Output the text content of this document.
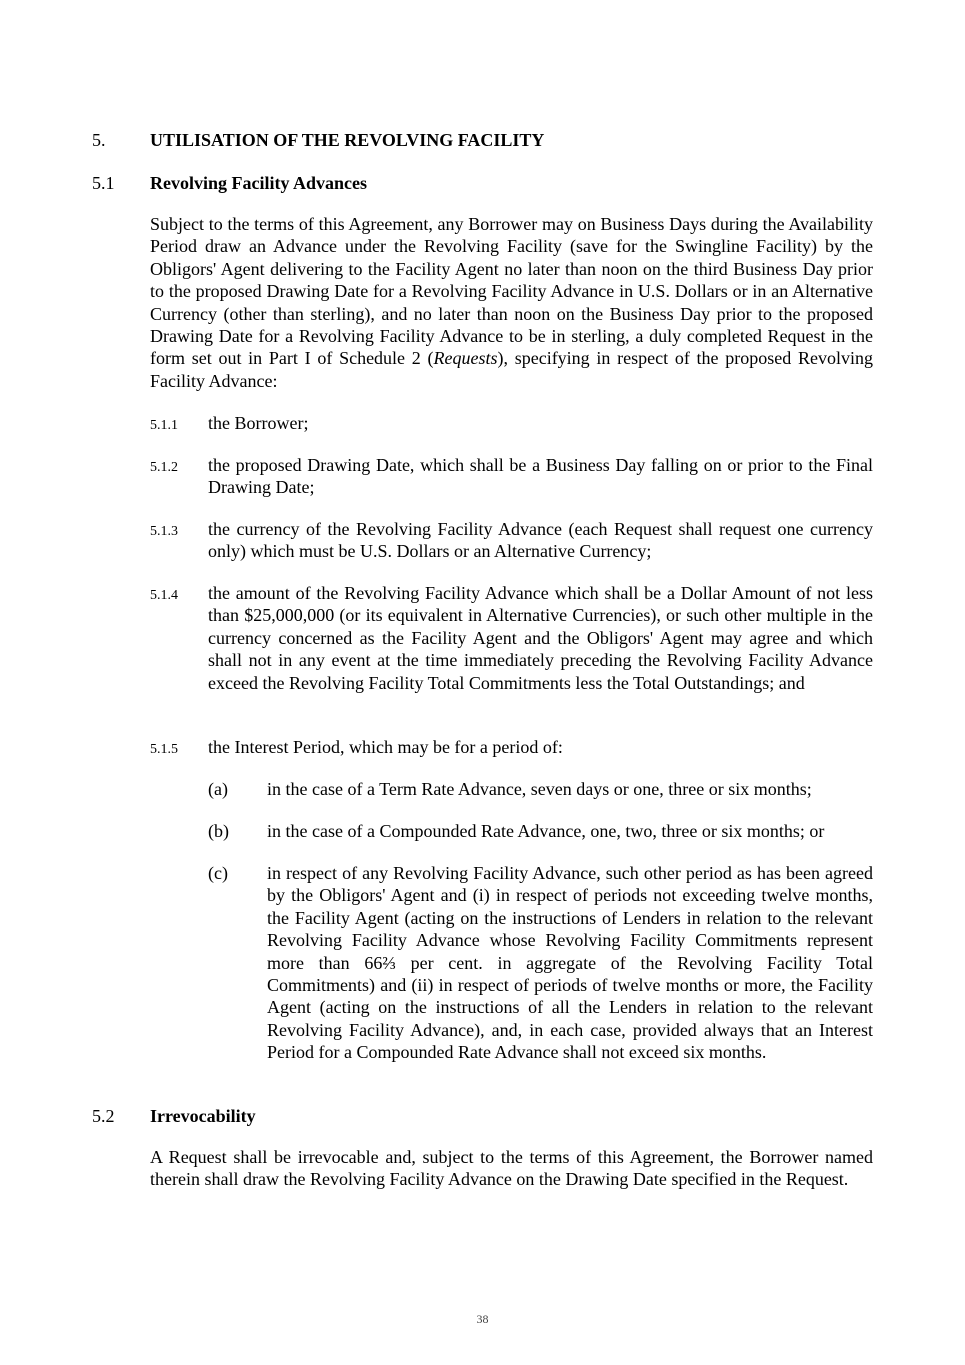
5. UTILISATION OF THE REVOLVING FACILITY
5.1 Revolving Facility Advances
Subject to the terms of this Agreement, any Borrower may on Business Days during the Availability Period draw an Advance under the Revolving Facility (save for the Swingline Facility) by the Obligors' Agent delivering to the Facility Agent no later than noon on the third Business Day prior to the proposed Drawing Date for a Revolving Facility Advance in U.S. Dollars or in an Alternative Currency (other than sterling), and no later than noon on the Business Day prior to the proposed Drawing Date for a Revolving Facility Advance to be in sterling, a duly completed Request in the form set out in Part I of Schedule 2 (Requests), specifying in respect of the proposed Revolving Facility Advance:
5.1.1 the Borrower;
5.1.2 the proposed Drawing Date, which shall be a Business Day falling on or prior to the Final Drawing Date;
5.1.3 the currency of the Revolving Facility Advance (each Request shall request one currency only) which must be U.S. Dollars or an Alternative Currency;
5.1.4 the amount of the Revolving Facility Advance which shall be a Dollar Amount of not less than $25,000,000 (or its equivalent in Alternative Currencies), or such other multiple in the currency concerned as the Facility Agent and the Obligors' Agent may agree and which shall not in any event at the time immediately preceding the Revolving Facility Advance exceed the Revolving Facility Total Commitments less the Total Outstandings; and
5.1.5 the Interest Period, which may be for a period of:
(a) in the case of a Term Rate Advance, seven days or one, three or six months;
(b) in the case of a Compounded Rate Advance, one, two, three or six months; or
(c) in respect of any Revolving Facility Advance, such other period as has been agreed by the Obligors' Agent and (i) in respect of periods not exceeding twelve months, the Facility Agent (acting on the instructions of Lenders in relation to the relevant Revolving Facility Advance whose Revolving Facility Commitments represent more than 66⅔ per cent. in aggregate of the Revolving Facility Total Commitments) and (ii) in respect of periods of twelve months or more, the Facility Agent (acting on the instructions of all the Lenders in relation to the relevant Revolving Facility Advance), and, in each case, provided always that an Interest Period for a Compounded Rate Advance shall not exceed six months.
5.2 Irrevocability
A Request shall be irrevocable and, subject to the terms of this Agreement, the Borrower named therein shall draw the Revolving Facility Advance on the Drawing Date specified in the Request.
38
